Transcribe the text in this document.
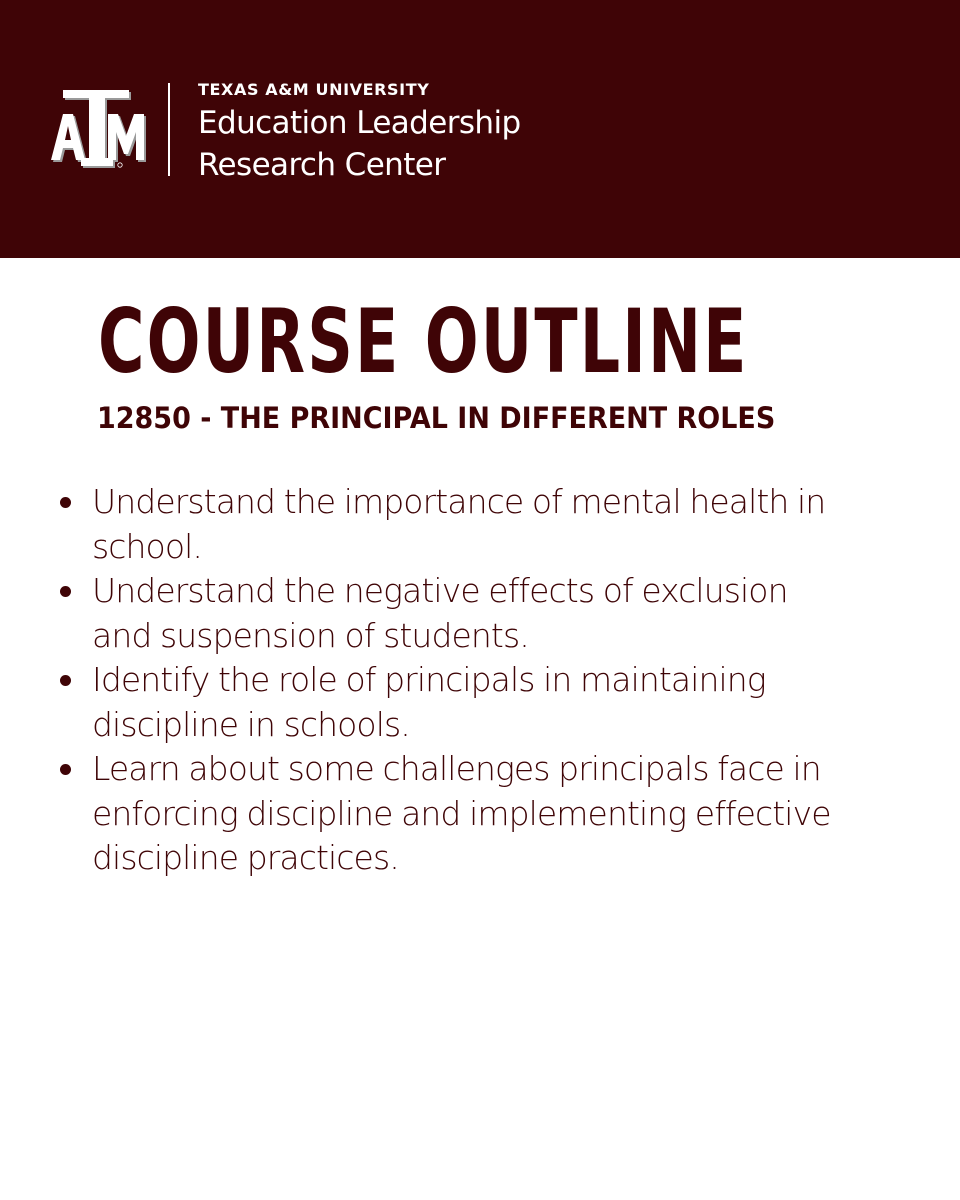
TEXAS A&M UNIVERSITY
Education Leadership
Research Center
COURSE OUTLINE
12850 - THE PRINCIPAL IN DIFFERENT ROLES
Understand the importance of mental health in school.
Understand the negative effects of exclusion and suspension of students.
Identify the role of principals in maintaining discipline in schools.
Learn about some challenges principals face in enforcing discipline and implementing effective discipline practices.
